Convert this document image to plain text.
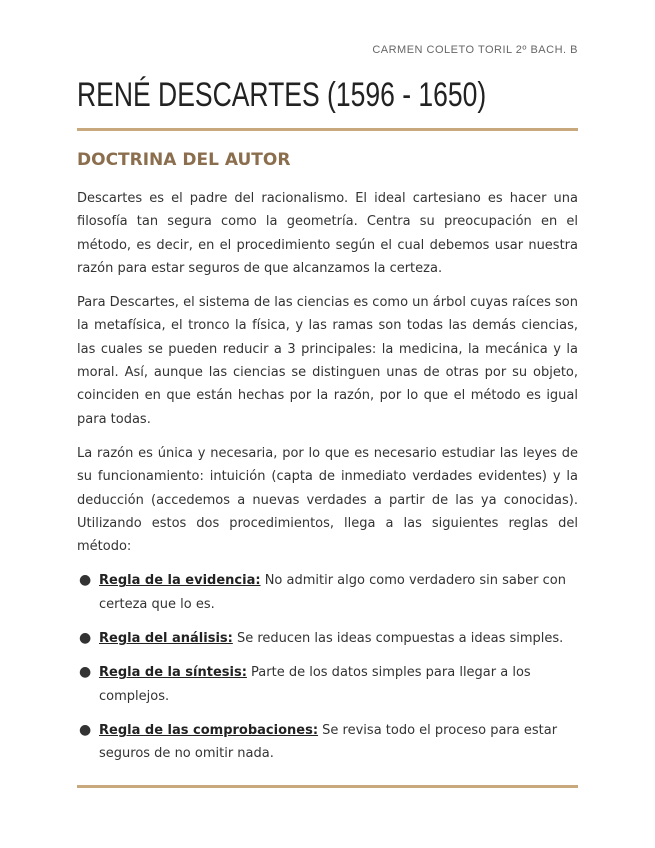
CARMEN COLETO TORIL 2º BACH. B
RENÉ DESCARTES (1596 - 1650)
DOCTRINA DEL AUTOR

Descartes es el padre del racionalismo. El ideal cartesiano es hacer una filosofía tan segura como la geometría. Centra su preocupación en el método, es decir, en el procedimiento según el cual debemos usar nuestra razón para estar seguros de que alcanzamos la certeza.

Para Descartes, el sistema de las ciencias es como un árbol cuyas raíces son la metafísica, el tronco la física, y las ramas son todas las demás ciencias, las cuales se pueden reducir a 3 principales: la medicina, la mecánica y la moral. Así, aunque las ciencias se distinguen unas de otras por su objeto, coinciden en que están hechas por la razón, por lo que el método es igual para todas.

La razón es única y necesaria, por lo que es necesario estudiar las leyes de su funcionamiento: intuición (capta de inmediato verdades evidentes) y la deducción (accedemos a nuevas verdades a partir de las ya conocidas). Utilizando estos dos procedimientos, llega a las siguientes reglas del método:

● Regla de la evidencia: No admitir algo como verdadero sin saber con certeza que lo es.
● Regla del análisis: Se reducen las ideas compuestas a ideas simples.
● Regla de la síntesis: Parte de los datos simples para llegar a los complejos.
● Regla de las comprobaciones: Se revisa todo el proceso para estar seguros de no omitir nada.
